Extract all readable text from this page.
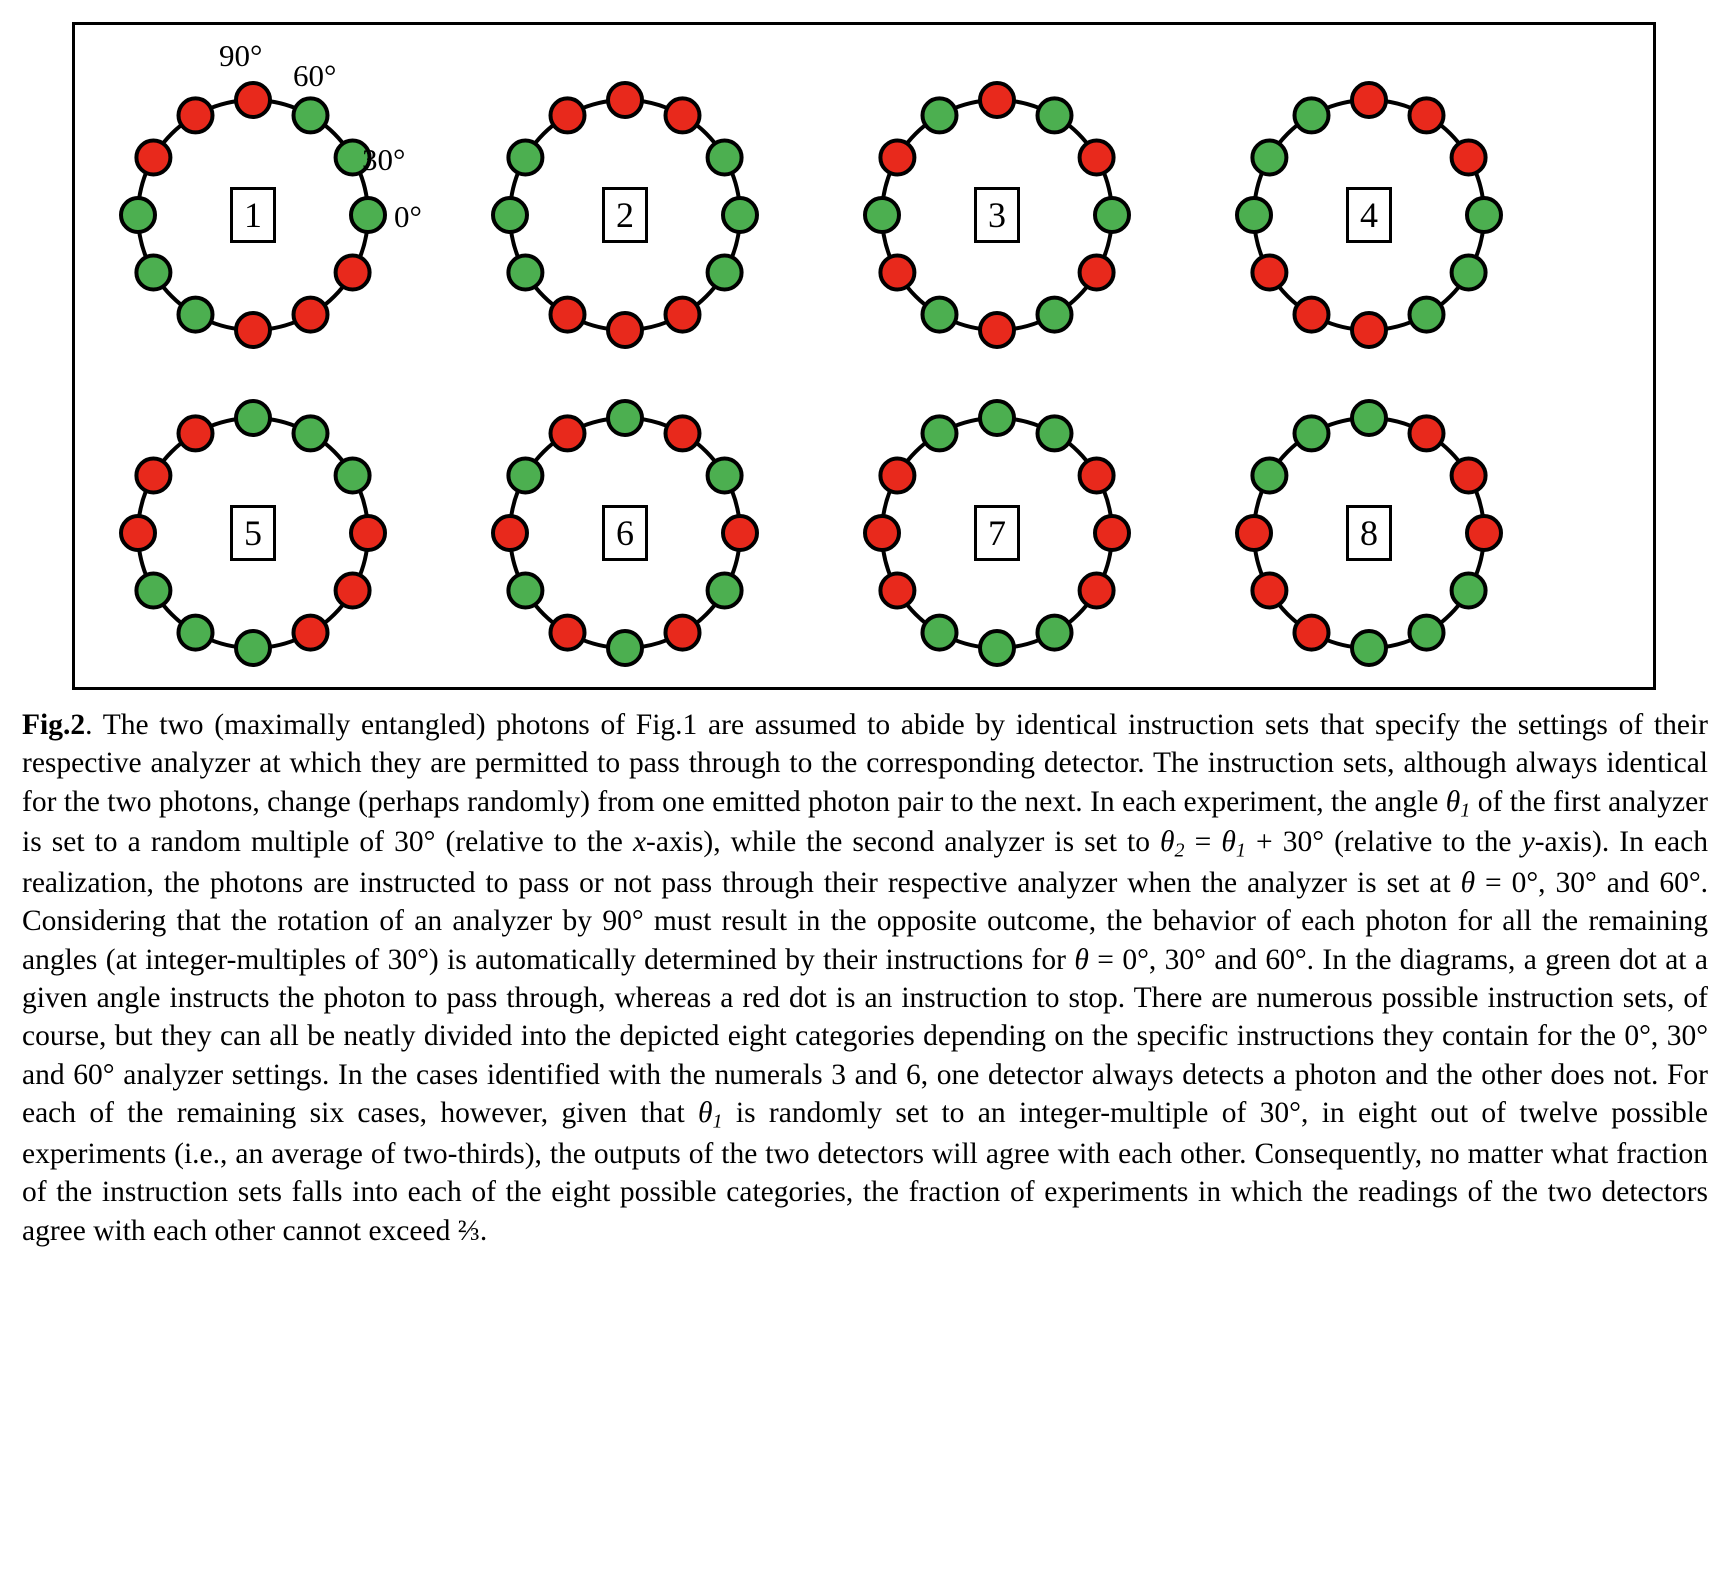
1	2	3	4
5	6	7	8
90°
60°
30°
0°
Fig.2. The two (maximally entangled) photons of Fig.1 are assumed to abide by identical instruction sets that specify the settings of their respective analyzer at which they are permitted to pass through to the corresponding detector. The instruction sets, although always identical for the two photons, change (perhaps randomly) from one emitted photon pair to the next. In each experiment, the angle $\theta_1$ of the first analyzer is set to a random multiple of 30° (relative to the x-axis), while the second analyzer is set to $\theta_2 = \theta_1 + 30^\circ$ (relative to the y-axis). In each realization, the photons are instructed to pass or not pass through their respective analyzer when the analyzer is set at θ = 0°, 30° and 60°. Considering that the rotation of an analyzer by 90° must result in the opposite outcome, the behavior of each photon for all the remaining angles (at integer-multiples of 30°) is automatically determined by their instructions for θ = 0°, 30° and 60°. In the diagrams, a green dot at a given angle instructs the photon to pass through, whereas a red dot is an instruction to stop. There are numerous possible instruction sets, of course, but they can all be neatly divided into the depicted eight categories depending on the specific instructions they contain for the 0°, 30° and 60° analyzer settings. In the cases identified with the numerals 3 and 6, one detector always detects a photon and the other does not. For each of the remaining six cases, however, given that $\theta_1$ is randomly set to an integer-multiple of 30°, in eight out of twelve possible experiments (i.e., an average of two-thirds), the outputs of the two detectors will agree with each other. Consequently, no matter what fraction of the instruction sets falls into each of the eight possible categories, the fraction of experiments in which the readings of the two detectors agree with each other cannot exceed ⅔.
